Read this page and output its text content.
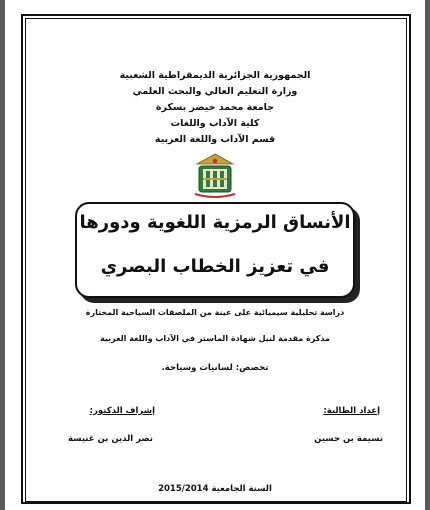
الجمهورية الجزائرية الديمقراطية الشعبية
وزارة التعليم العالي والبحث العلمي
جامعة محمد خيضر بسكرة
كلية الآداب واللغات
قسم الآداب واللغة العربية
الأنساق الرمزية اللغوية ودورها
في تعزيز الخطاب البصري
دراسة تحليلية سيميائية على عينة من الملصقات السياحية المختارة
مذكرة مقدمة لنيل شهادة الماستر في الآداب واللغة العربية
تخصص: لسانيات وسياحة.
إعداد الطالبة:
نسيمة بن حسين
إشراف الدكتور:
نصر الدين بن غنيسة
السنة الجامعية 2015/2014
